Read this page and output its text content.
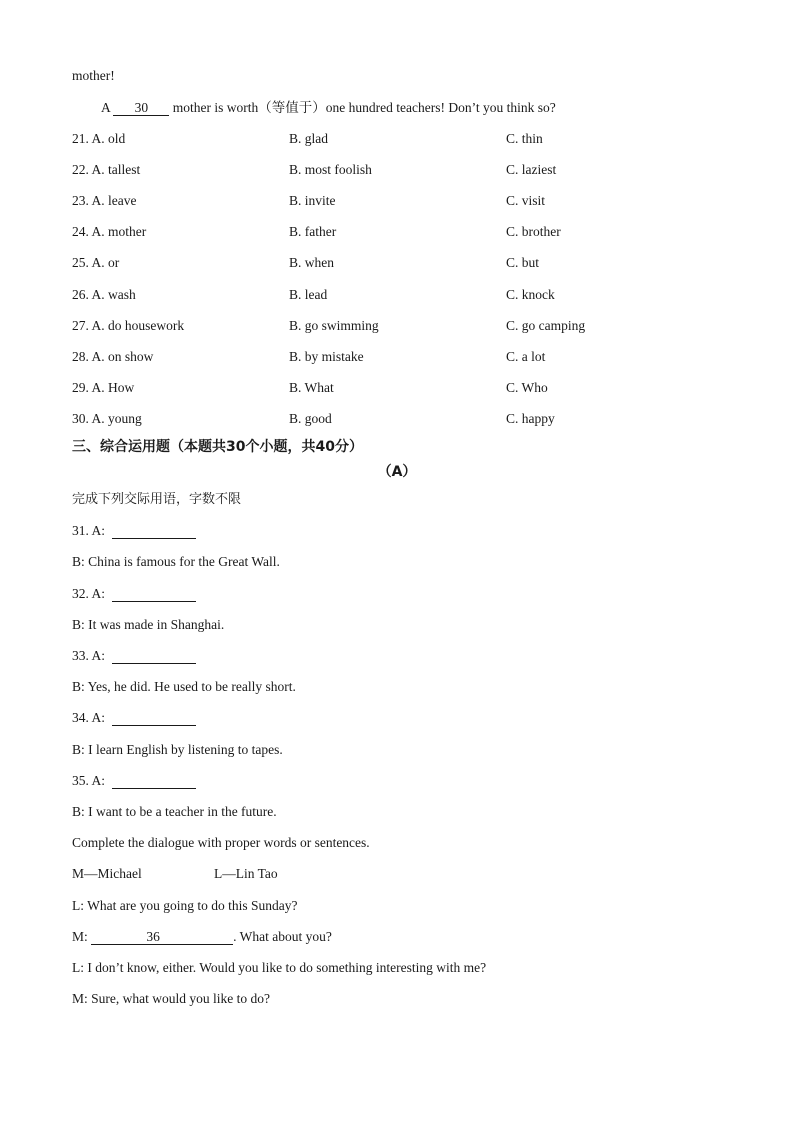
mother!
A 30 mother is worth（等值于）one hundred teachers! Don’t you think so?
21. A. old	B. glad	C. thin
22. A. tallest	B. most foolish	C. laziest
23. A. leave	B. invite	C. visit
24. A. mother	B. father	C. brother
25. A. or	B. when	C. but
26. A. wash	B. lead	C. knock
27. A. do housework	B. go swimming	C. go camping
28. A. on show	B. by mistake	C. a lot
29. A. How	B. What	C. Who
30. A. young	B. good	C. happy
三、综合运用题（本题共30个小题，共40分）
（A）
完成下列交际用语，字数不限
31. A:
B: China is famous for the Great Wall.
32. A:
B: It was made in Shanghai.
33. A:
B: Yes, he did. He used to be really short.
34. A:
B: I learn English by listening to tapes.
35. A:
B: I want to be a teacher in the future.
Complete the dialogue with proper words or sentences.
M—Michael	L—Lin Tao
L: What are you going to do this Sunday?
M:	36	. What about you?
L: I don’t know, either. Would you like to do something interesting with me?
M: Sure, what would you like to do?
